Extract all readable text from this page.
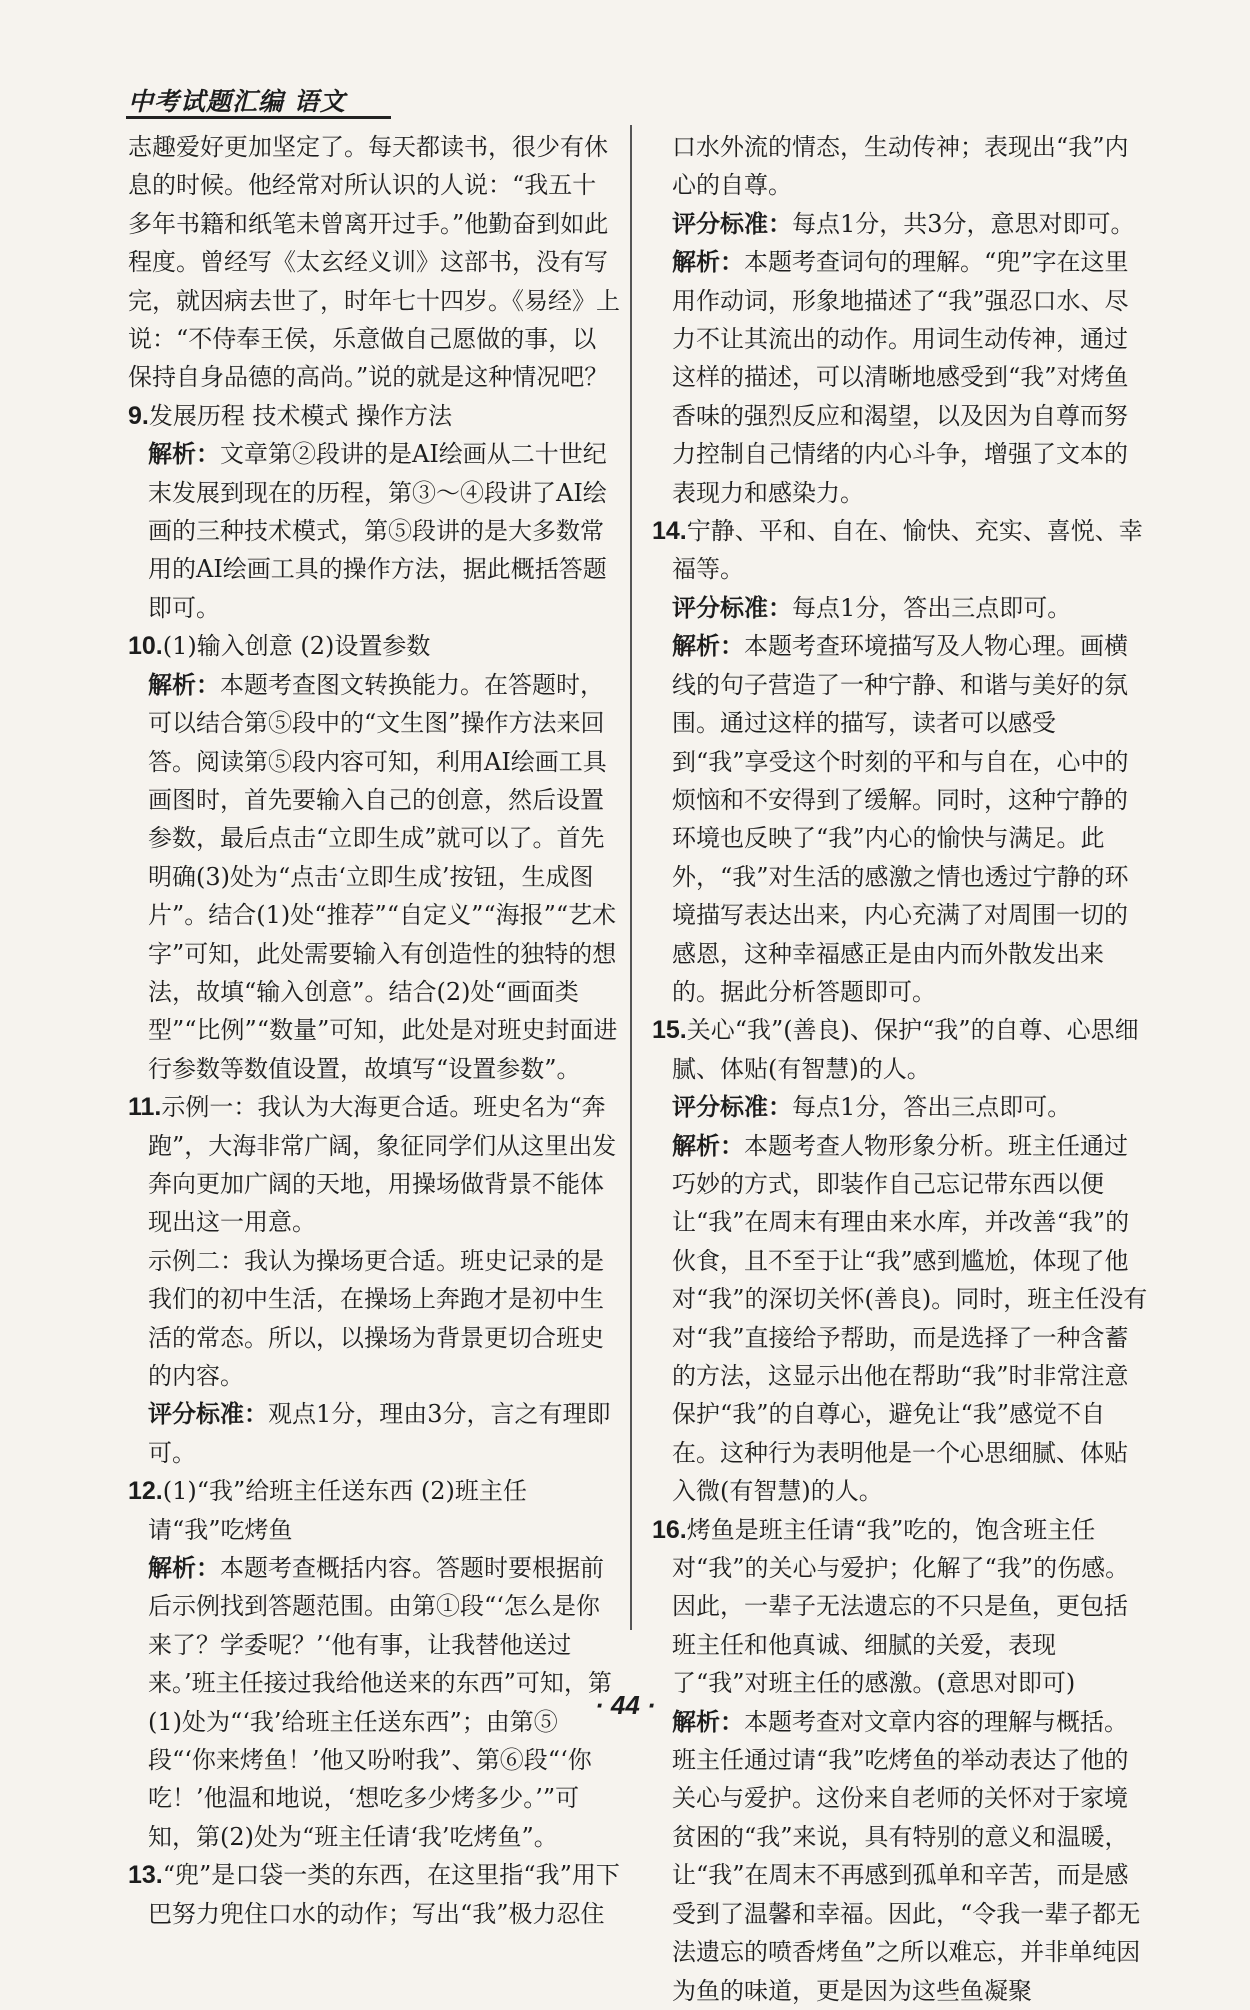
中考试题汇编 语文

志趣爱好更加坚定了。每天都读书，很少有休息的时候。他经常对所认识的人说：“我五十多年书籍和纸笔未曾离开过手。”他勤奋到如此程度。曾经写《太玄经义训》这部书，没有写完，就因病去世了，时年七十四岁。《易经》上说：“不侍奉王侯，乐意做自己愿做的事，以保持自身品德的高尚。”说的就是这种情况吧？

9.发展历程 技术模式 操作方法

解析：文章第②段讲的是AI绘画从二十世纪末发展到现在的历程，第③～④段讲了AI绘画的三种技术模式，第⑤段讲的是大多数常用的AI绘画工具的操作方法，据此概括答题即可。

10.(1)输入创意 (2)设置参数

解析：本题考查图文转换能力。在答题时，可以结合第⑤段中的“文生图”操作方法来回答。阅读第⑤段内容可知，利用AI绘画工具画图时，首先要输入自己的创意，然后设置参数，最后点击“立即生成”就可以了。首先明确(3)处为“点击‘立即生成’按钮，生成图片”。结合(1)处“推荐”“自定义”“海报”“艺术字”可知，此处需要输入有创造性的独特的想法，故填“输入创意”。结合(2)处“画面类型”“比例”“数量”可知，此处是对班史封面进行参数等数值设置，故填写“设置参数”。

11.示例一：我认为大海更合适。班史名为“奔跑”，大海非常广阔，象征同学们从这里出发奔向更加广阔的天地，用操场做背景不能体现出这一用意。

示例二：我认为操场更合适。班史记录的是我们的初中生活，在操场上奔跑才是初中生活的常态。所以，以操场为背景更切合班史的内容。

评分标准：观点1分，理由3分，言之有理即可。

12.(1)“我”给班主任送东西 (2)班主任请“我”吃烤鱼

解析：本题考查概括内容。答题时要根据前后示例找到答题范围。由第①段“‘怎么是你来了？学委呢？’‘他有事，让我替他送过来。’班主任接过我给他送来的东西”可知，第(1)处为“‘我’给班主任送东西”；由第⑤段“‘你来烤鱼！’他又吩咐我”、第⑥段“‘你吃！’他温和地说，‘想吃多少烤多少。’”可知，第(2)处为“班主任请‘我’吃烤鱼”。

13.“兜”是口袋一类的东西，在这里指“我”用下巴努力兜住口水的动作；写出“我”极力忍住

口水外流的情态，生动传神；表现出“我”内心的自尊。

评分标准：每点1分，共3分，意思对即可。

解析：本题考查词句的理解。“兜”字在这里用作动词，形象地描述了“我”强忍口水、尽力不让其流出的动作。用词生动传神，通过这样的描述，可以清晰地感受到“我”对烤鱼香味的强烈反应和渴望，以及因为自尊而努力控制自己情绪的内心斗争，增强了文本的表现力和感染力。

14.宁静、平和、自在、愉快、充实、喜悦、幸福等。

评分标准：每点1分，答出三点即可。

解析：本题考查环境描写及人物心理。画横线的句子营造了一种宁静、和谐与美好的氛围。通过这样的描写，读者可以感受到“我”享受这个时刻的平和与自在，心中的烦恼和不安得到了缓解。同时，这种宁静的环境也反映了“我”内心的愉快与满足。此外，“我”对生活的感激之情也透过宁静的环境描写表达出来，内心充满了对周围一切的感恩，这种幸福感正是由内而外散发出来的。据此分析答题即可。

15.关心“我”(善良)、保护“我”的自尊、心思细腻、体贴(有智慧)的人。

评分标准：每点1分，答出三点即可。

解析：本题考查人物形象分析。班主任通过巧妙的方式，即装作自己忘记带东西以便让“我”在周末有理由来水库，并改善“我”的伙食，且不至于让“我”感到尴尬，体现了他对“我”的深切关怀(善良)。同时，班主任没有对“我”直接给予帮助，而是选择了一种含蓄的方法，这显示出他在帮助“我”时非常注意保护“我”的自尊心，避免让“我”感觉不自在。这种行为表明他是一个心思细腻、体贴入微(有智慧)的人。

16.烤鱼是班主任请“我”吃的，饱含班主任对“我”的关心与爱护；化解了“我”的伤感。因此，一辈子无法遗忘的不只是鱼，更包括班主任和他真诚、细腻的关爱，表现了“我”对班主任的感激。(意思对即可)

解析：本题考查对文章内容的理解与概括。班主任通过请“我”吃烤鱼的举动表达了他的关心与爱护。这份来自老师的关怀对于家境贫困的“我”来说，具有特别的意义和温暖，让“我”在周末不再感到孤单和辛苦，而是感受到了温馨和幸福。因此，“令我一辈子都无法遗忘的喷香烤鱼”之所以难忘，并非单纯因为鱼的味道，更是因为这些鱼凝聚

· 44 ·
